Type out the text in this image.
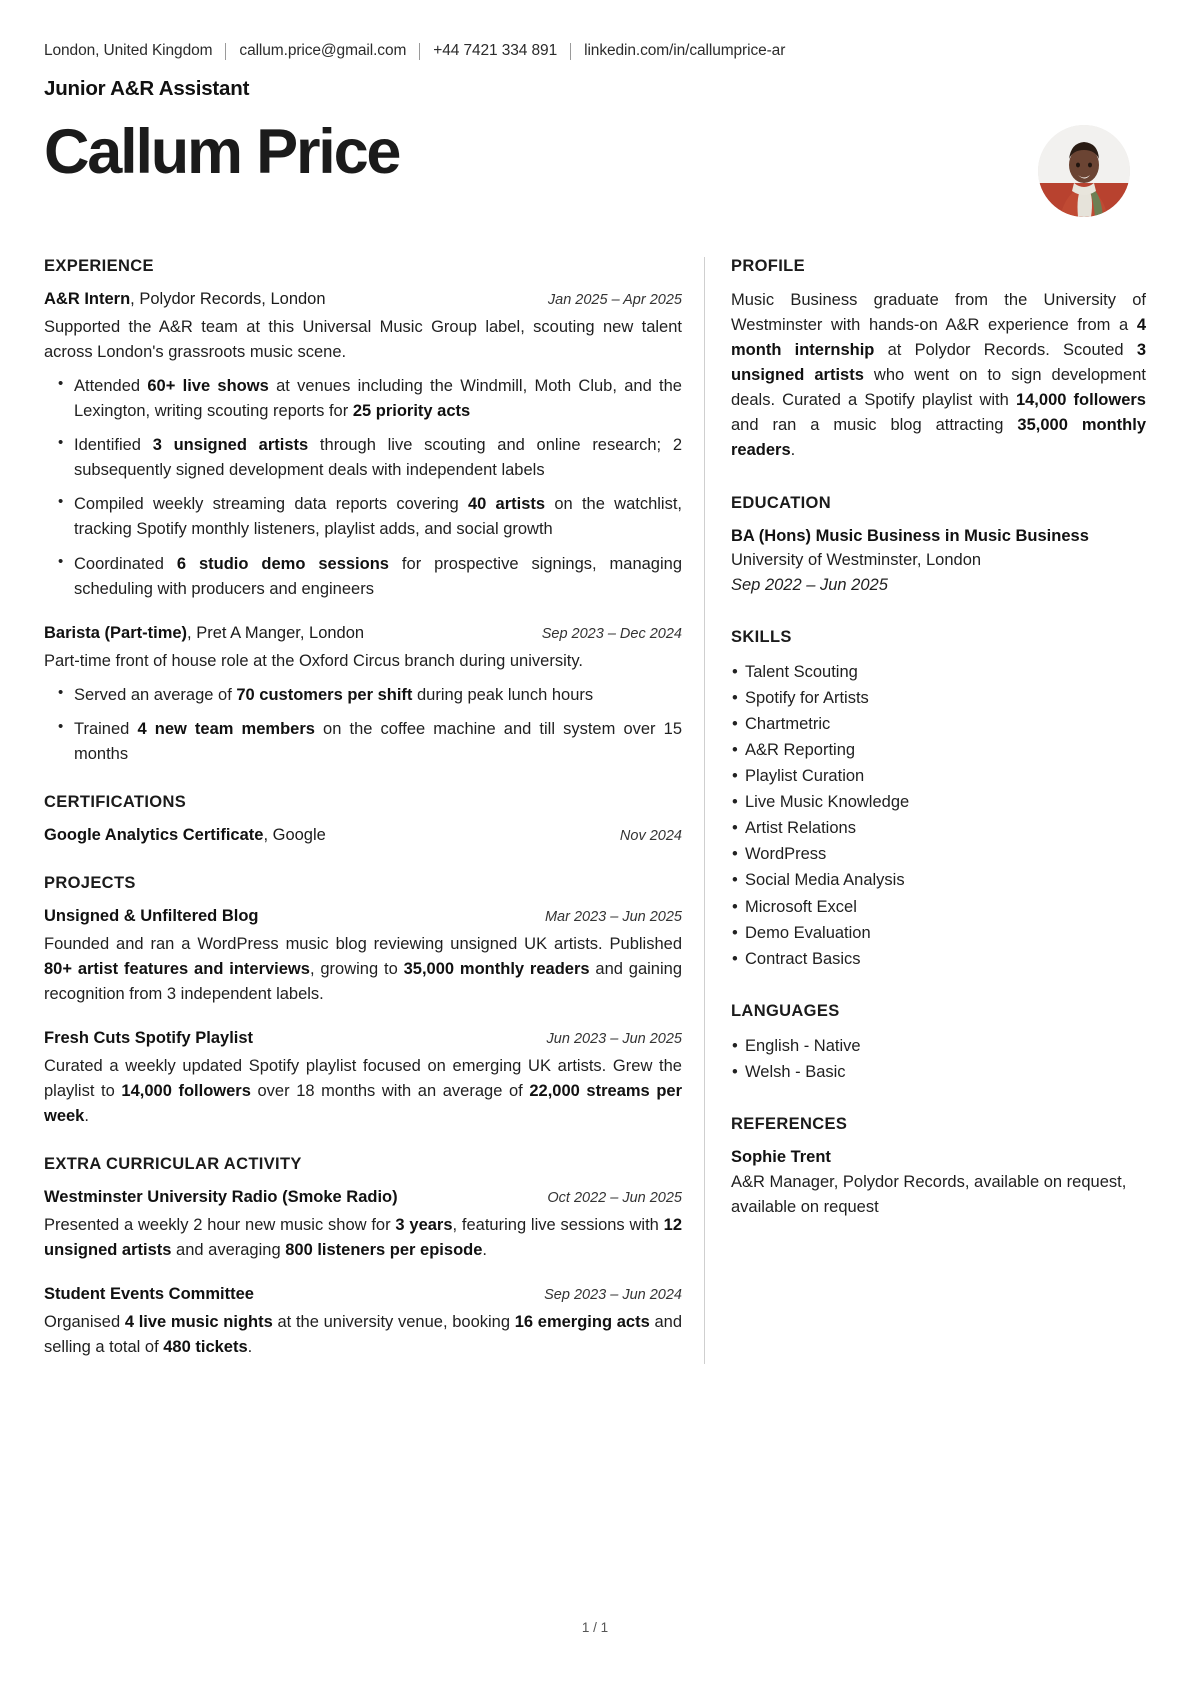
London, United Kingdom	callum.price@gmail.com	+44 7421 334 891	linkedin.com/in/callumprice-ar
Junior A&R Assistant
Callum Price
EXPERIENCE
A&R Intern, Polydor Records, London	Jan 2025 – Apr 2025
Supported the A&R team at this Universal Music Group label, scouting new talent across London's grassroots music scene.
• Attended 60+ live shows at venues including the Windmill, Moth Club, and the Lexington, writing scouting reports for 25 priority acts
• Identified 3 unsigned artists through live scouting and online research; 2 subsequently signed development deals with independent labels
• Compiled weekly streaming data reports covering 40 artists on the watchlist, tracking Spotify monthly listeners, playlist adds, and social growth
• Coordinated 6 studio demo sessions for prospective signings, managing scheduling with producers and engineers
Barista (Part-time), Pret A Manger, London	Sep 2023 – Dec 2024
Part-time front of house role at the Oxford Circus branch during university.
• Served an average of 70 customers per shift during peak lunch hours
• Trained 4 new team members on the coffee machine and till system over 15 months
CERTIFICATIONS
Google Analytics Certificate, Google	Nov 2024
PROJECTS
Unsigned & Unfiltered Blog	Mar 2023 – Jun 2025
Founded and ran a WordPress music blog reviewing unsigned UK artists. Published 80+ artist features and interviews, growing to 35,000 monthly readers and gaining recognition from 3 independent labels.
Fresh Cuts Spotify Playlist	Jun 2023 – Jun 2025
Curated a weekly updated Spotify playlist focused on emerging UK artists. Grew the playlist to 14,000 followers over 18 months with an average of 22,000 streams per week.
EXTRA CURRICULAR ACTIVITY
Westminster University Radio (Smoke Radio)	Oct 2022 – Jun 2025
Presented a weekly 2 hour new music show for 3 years, featuring live sessions with 12 unsigned artists and averaging 800 listeners per episode.
Student Events Committee	Sep 2023 – Jun 2024
Organised 4 live music nights at the university venue, booking 16 emerging acts and selling a total of 480 tickets.
PROFILE
Music Business graduate from the University of Westminster with hands-on A&R experience from a 4 month internship at Polydor Records. Scouted 3 unsigned artists who went on to sign development deals. Curated a Spotify playlist with 14,000 followers and ran a music blog attracting 35,000 monthly readers.
EDUCATION
BA (Hons) Music Business in Music Business
University of Westminster, London
Sep 2022 – Jun 2025
SKILLS
• Talent Scouting
• Spotify for Artists
• Chartmetric
• A&R Reporting
• Playlist Curation
• Live Music Knowledge
• Artist Relations
• WordPress
• Social Media Analysis
• Microsoft Excel
• Demo Evaluation
• Contract Basics
LANGUAGES
• English - Native
• Welsh - Basic
REFERENCES
Sophie Trent
A&R Manager, Polydor Records, available on request, available on request
1 / 1
